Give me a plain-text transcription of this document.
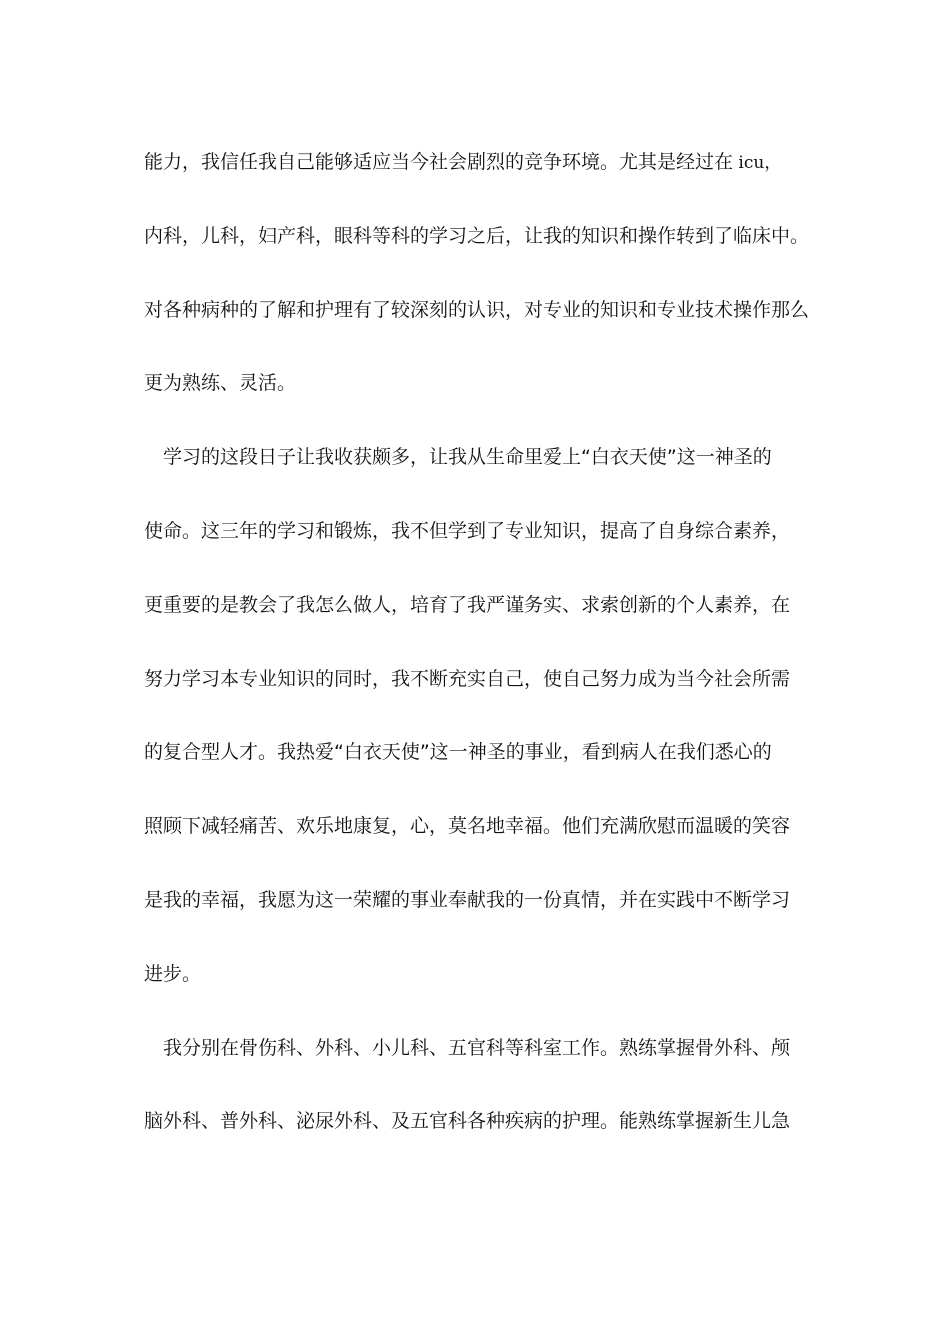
能力，我信任我自己能够适应当今社会剧烈的竞争环境。尤其是经过在 icu，
内科，儿科，妇产科，眼科等科的学习之后，让我的知识和操作转到了临床中。
对各种病种的了解和护理有了较深刻的认识，对专业的知识和专业技术操作那么
更为熟练、灵活。
　学习的这段日子让我收获颇多，让我从生命里爱上“白衣天使”这一神圣的
使命。这三年的学习和锻炼，我不但学到了专业知识，提高了自身综合素养，
更重要的是教会了我怎么做人，培育了我严谨务实、求索创新的个人素养，在
努力学习本专业知识的同时，我不断充实自己，使自己努力成为当今社会所需
的复合型人才。我热爱“白衣天使”这一神圣的事业，看到病人在我们悉心的
照顾下减轻痛苦、欢乐地康复，心，莫名地幸福。他们充满欣慰而温暖的笑容
是我的幸福，我愿为这一荣耀的事业奉献我的一份真情，并在实践中不断学习
进步。
　我分别在骨伤科、外科、小儿科、五官科等科室工作。熟练掌握骨外科、颅
脑外科、普外科、泌尿外科、及五官科各种疾病的护理。能熟练掌握新生儿急
